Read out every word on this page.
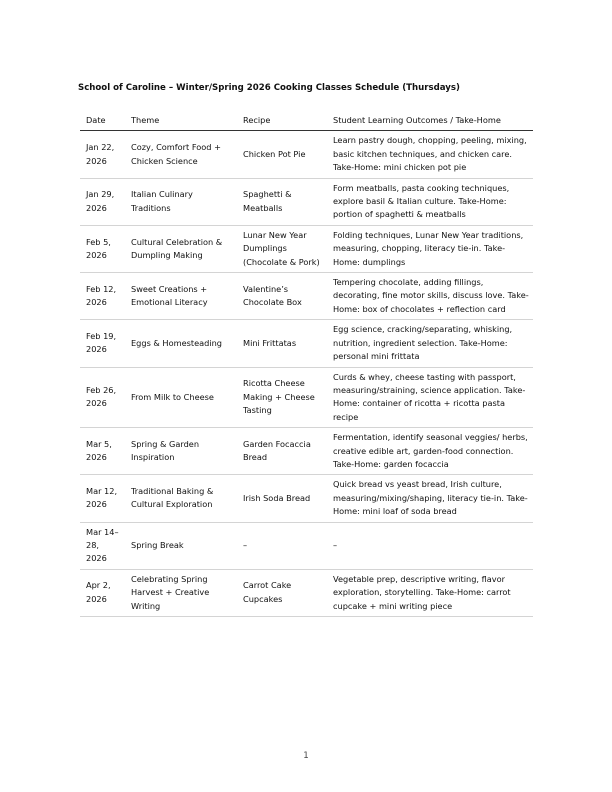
School of Caroline – Winter/Spring 2026 Cooking Classes Schedule (Thursdays)
Date	Theme	Recipe	Student Learning Outcomes / Take-Home
Jan 22, 2026	Cozy, Comfort Food + Chicken Science	Chicken Pot Pie	Learn pastry dough, chopping, peeling, mixing, basic kitchen techniques, and chicken care. Take-Home: mini chicken pot pie
Jan 29, 2026	Italian Culinary Traditions	Spaghetti & Meatballs	Form meatballs, pasta cooking techniques, explore basil & Italian culture. Take-Home: portion of spaghetti & meatballs
Feb 5, 2026	Cultural Celebration & Dumpling Making	Lunar New Year Dumplings (Chocolate & Pork)	Folding techniques, Lunar New Year traditions, measuring, chopping, literacy tie-in. Take-Home: dumplings
Feb 12, 2026	Sweet Creations + Emotional Literacy	Valentine’s Chocolate Box	Tempering chocolate, adding fillings, decorating, fine motor skills, discuss love. Take-Home: box of chocolates + reflection card
Feb 19, 2026	Eggs & Homesteading	Mini Frittatas	Egg science, cracking/separating, whisking, nutrition, ingredient selection. Take-Home: personal mini frittata
Feb 26, 2026	From Milk to Cheese	Ricotta Cheese Making + Cheese Tasting	Curds & whey, cheese tasting with passport, measuring/straining, science application. Take-Home: container of ricotta + ricotta pasta recipe
Mar 5, 2026	Spring & Garden Inspiration	Garden Focaccia Bread	Fermentation, identify seasonal veggies/ herbs, creative edible art, garden-food connection. Take-Home: garden focaccia
Mar 12, 2026	Traditional Baking & Cultural Exploration	Irish Soda Bread	Quick bread vs yeast bread, Irish culture, measuring/mixing/shaping, literacy tie-in. Take-Home: mini loaf of soda bread
Mar 14–28, 2026	Spring Break	–	–
Apr 2, 2026	Celebrating Spring Harvest + Creative Writing	Carrot Cake Cupcakes	Vegetable prep, descriptive writing, flavor exploration, storytelling. Take-Home: carrot cupcake + mini writing piece
1
